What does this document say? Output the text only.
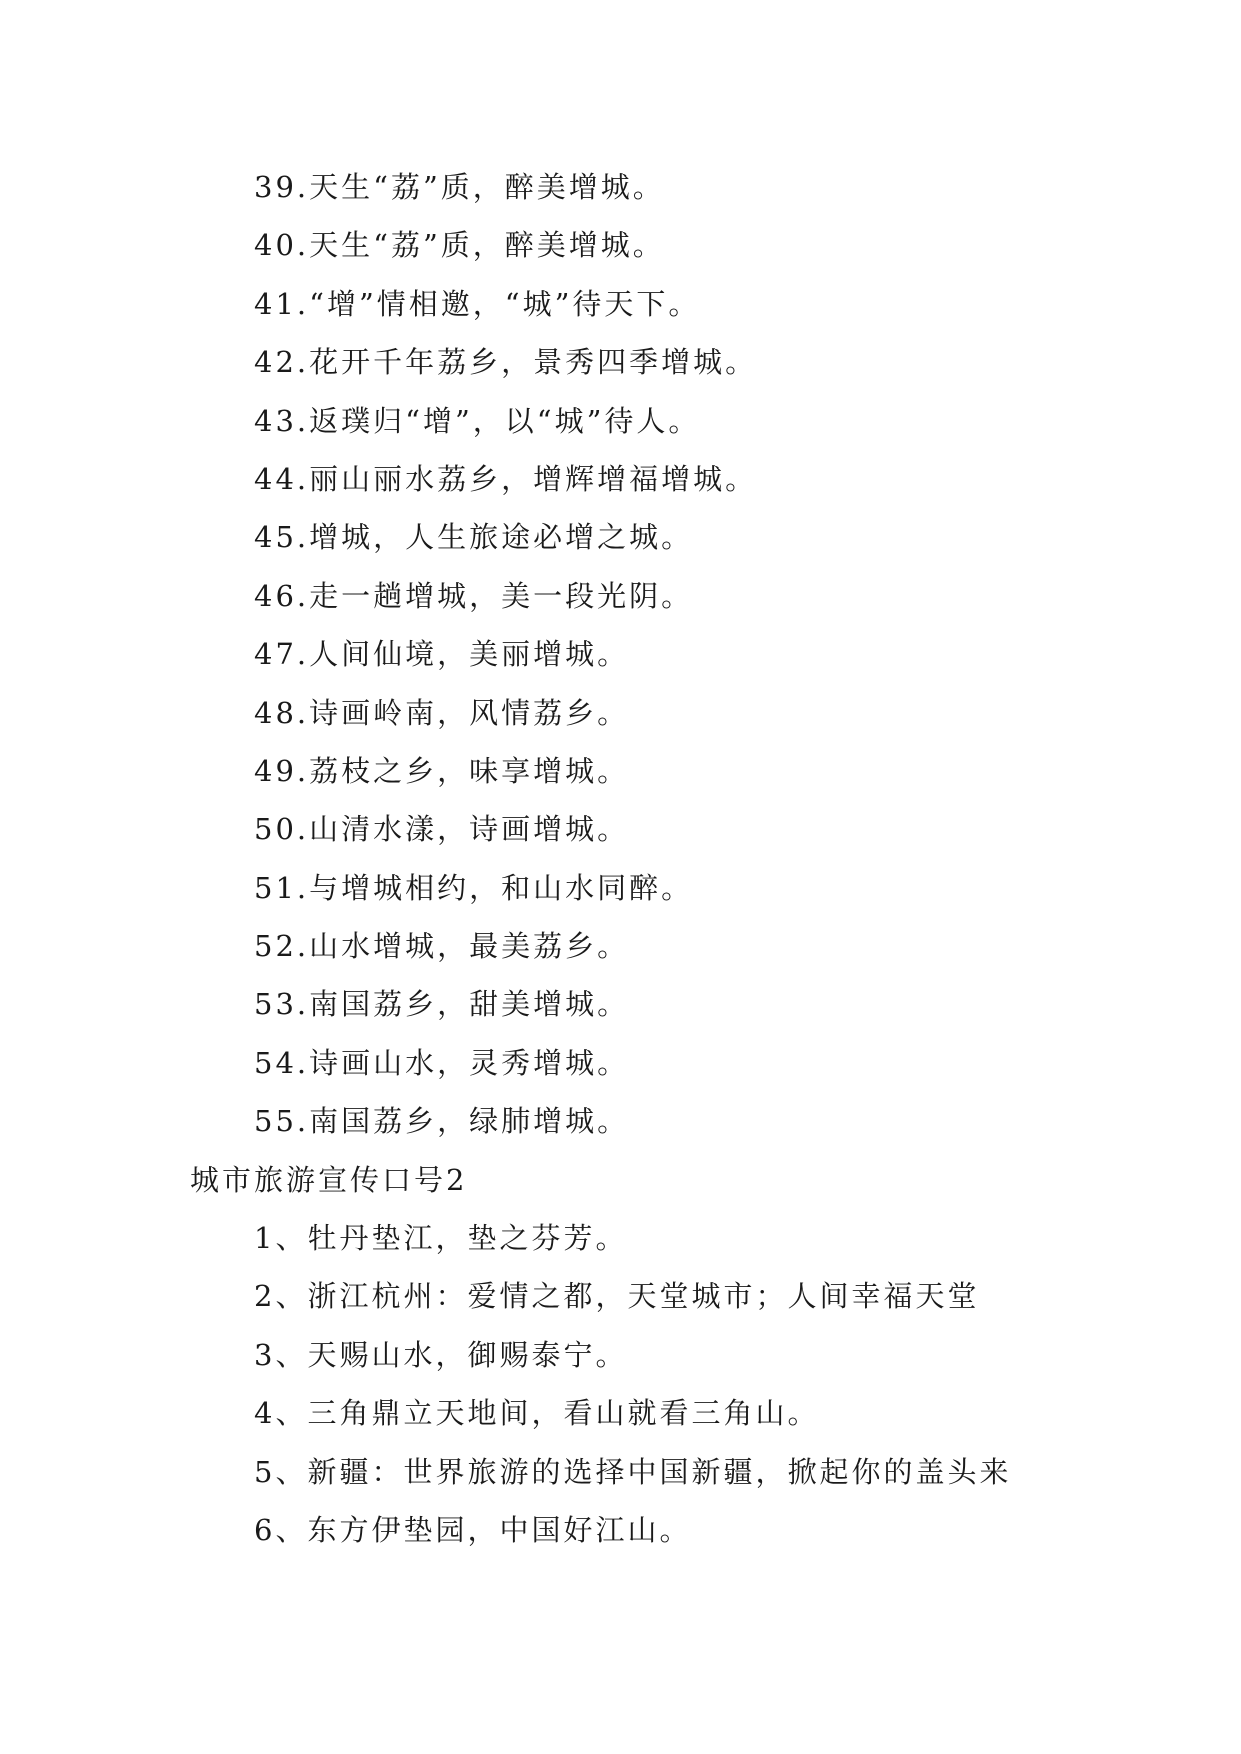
39.天生“荔”质，醉美增城。
40.天生“荔”质，醉美增城。
41.“增”情相邀，“城”待天下。
42.花开千年荔乡，景秀四季增城。
43.返璞归“增”，以“城”待人。
44.丽山丽水荔乡，增辉增福增城。
45.增城，人生旅途必增之城。
46.走一趟增城，美一段光阴。
47.人间仙境，美丽增城。
48.诗画岭南，风情荔乡。
49.荔枝之乡，味享增城。
50.山清水漾，诗画增城。
51.与增城相约，和山水同醉。
52.山水增城，最美荔乡。
53.南国荔乡，甜美增城。
54.诗画山水，灵秀增城。
55.南国荔乡，绿肺增城。
城市旅游宣传口号2
1、牡丹垫江，垫之芬芳。
2、浙江杭州：爱情之都，天堂城市；人间幸福天堂
3、天赐山水，御赐泰宁。
4、三角鼎立天地间，看山就看三角山。
5、新疆：世界旅游的选择中国新疆，掀起你的盖头来
6、东方伊垫园，中国好江山。
